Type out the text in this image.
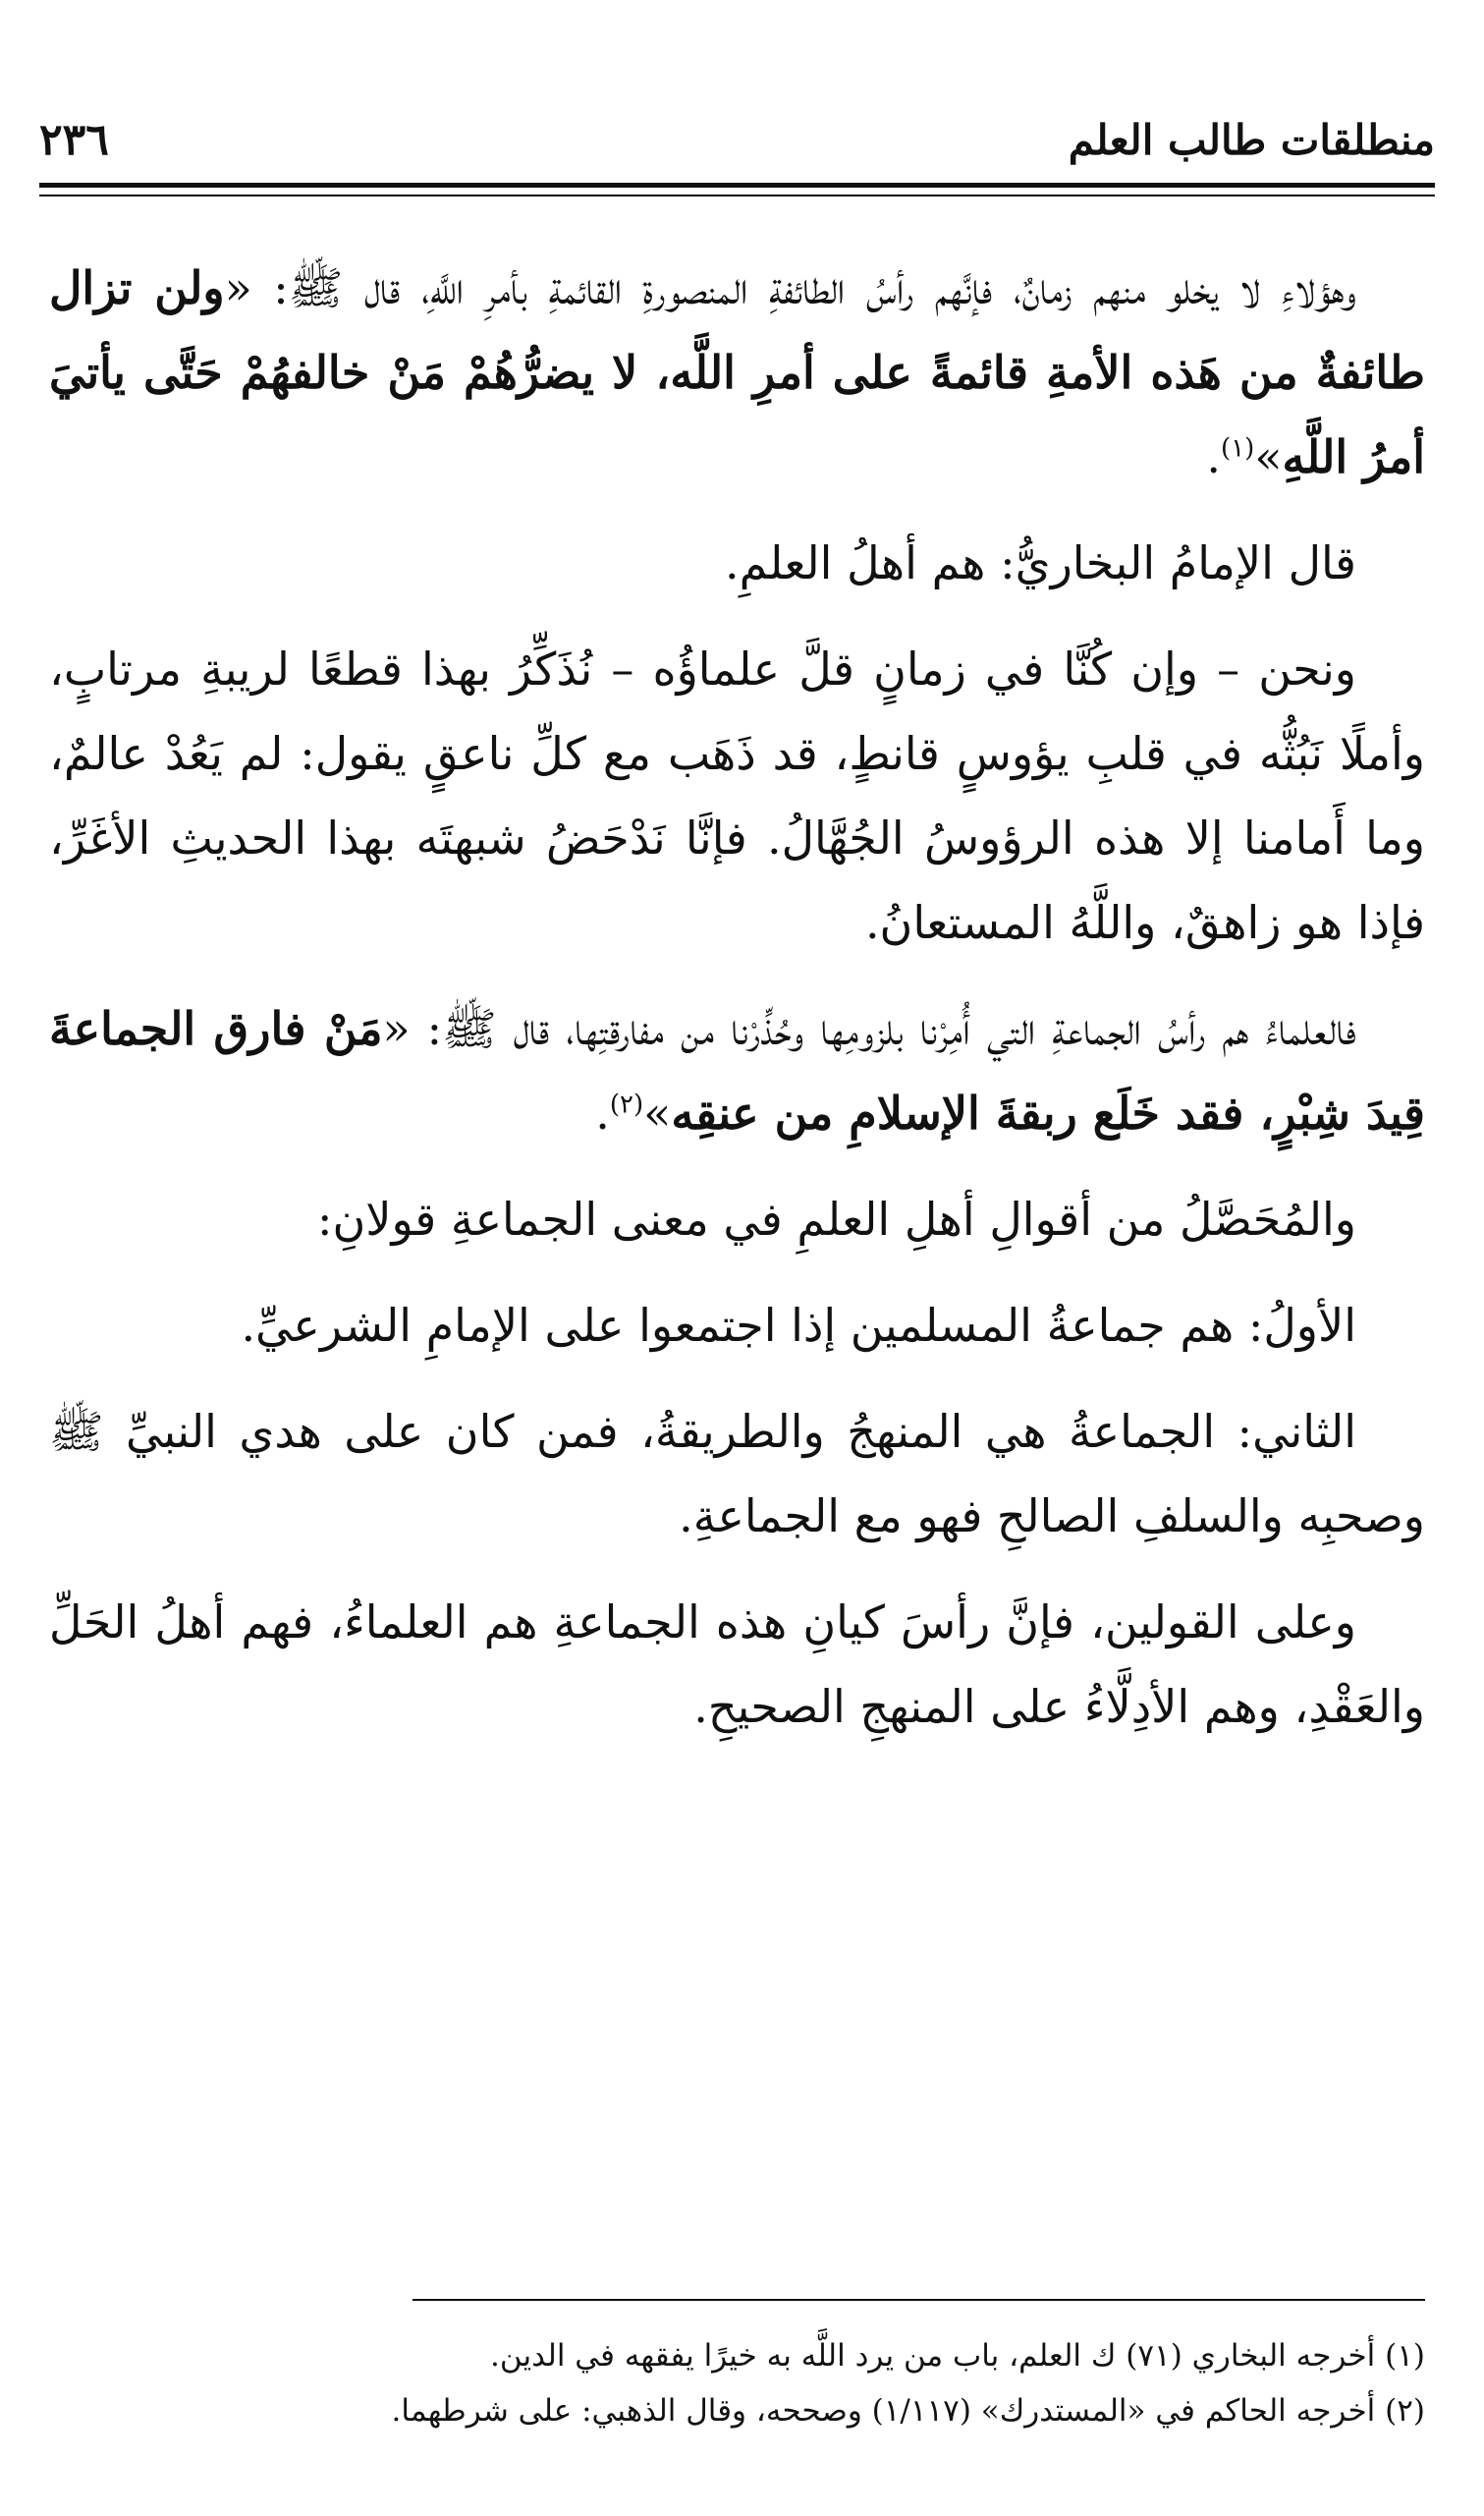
منطلقات طالب العلم
٢٣٦

وهؤلاءِ لا يخلو منهم زمانٌ، فإنَّهم رأسُ الطائفةِ المنصورةِ القائمةِ بأمرِ اللَّهِ، قال ﷺ: «ولن تزال طائفةٌ من هَذه الأمةِ قائمةً على أمرِ اللَّه، لا يضرُّهُمْ مَنْ خالفهُمْ حَتَّى يأتيَ أمرُ اللَّهِ»$^{(١)}$.

قال الإمامُ البخاريُّ: هم أهلُ العلمِ.

ونحن – وإن كُنَّا في زمانٍ قلَّ علماؤُه – نُذَكِّرُ بهذا قطعًا لريبةِ مرتابٍ، وأملًا نَبُثُّه في قلبِ يؤوسٍ قانطٍ، قد ذَهَب مع كلِّ ناعقٍ يقول: لم يَعُدْ عالمٌ، وما أَمامنا إلا هذه الرؤوسُ الجُهَّالُ. فإنَّا نَدْحَضُ شبهتَه بهذا الحديثِ الأغَرِّ، فإذا هو زاهقٌ، واللَّهُ المستعانُ.

فالعلماءُ هم رأسُ الجماعةِ التي أُمِرْنا بلزومِها وحُذِّرْنا من مفارقتِها، قال ﷺ: «مَنْ فارق الجماعةَ قِيدَ شِبْرٍ، فقد خَلَع ربقةَ الإسلامِ من عنقِه»$^{(٢)}$.

والمُحَصَّلُ من أقوالِ أهلِ العلمِ في معنى الجماعةِ قولانِ:

الأولُ: هم جماعةُ المسلمين إذا اجتمعوا على الإمامِ الشرعيِّ.

الثاني: الجماعةُ هي المنهجُ والطريقةُ، فمن كان على هدي النبيِّ ﷺ وصحبِه والسلفِ الصالحِ فهو مع الجماعةِ.

وعلى القولين، فإنَّ رأسَ كيانِ هذه الجماعةِ هم العلماءُ، فهم أهلُ الحَلِّ والعَقْدِ، وهم الأدِلَّاءُ على المنهجِ الصحيحِ.

(١) أخرجه البخاري (٧١) ك العلم، باب من يرد اللَّه به خيرًا يفقهه في الدين.

(٢) أخرجه الحاكم في «المستدرك» (١/١١٧) وصححه، وقال الذهبي: على شرطهما.
